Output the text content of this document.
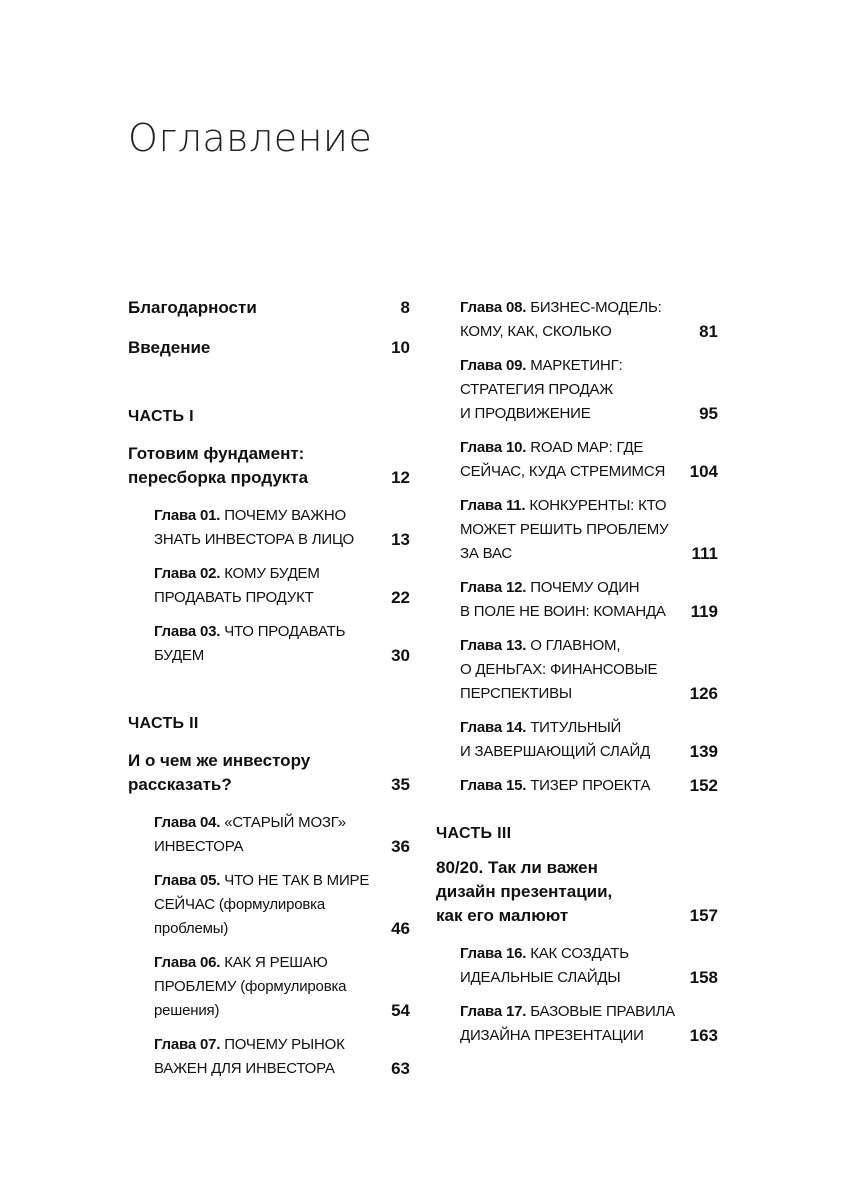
Оглавление
Благодарности	8
Введение	10
ЧАСТЬ I
Готовим фундамент:
пересборка продукта	12
Глава 01. ПОЧЕМУ ВАЖНО
ЗНАТЬ ИНВЕСТОРА В ЛИЦО	13
Глава 02. КОМУ БУДЕМ
ПРОДАВАТЬ ПРОДУКТ	22
Глава 03. ЧТО ПРОДАВАТЬ БУДЕМ	30
ЧАСТЬ II
И о чем же инвестору
рассказать?	35
Глава 04. «СТАРЫЙ МОЗГ»
ИНВЕСТОРА	36
Глава 05. ЧТО НЕ ТАК В МИРЕ
СЕЙЧАС (формулировка
проблемы)	46
Глава 06. КАК Я РЕШАЮ
ПРОБЛЕМУ (формулировка
решения)	54
Глава 07. ПОЧЕМУ РЫНОК
ВАЖЕН ДЛЯ ИНВЕСТОРА	63
Глава 08. БИЗНЕС-МОДЕЛЬ:
КОМУ, КАК, СКОЛЬКО	81
Глава 09. МАРКЕТИНГ:
СТРАТЕГИЯ ПРОДАЖ
И ПРОДВИЖЕНИЕ	95
Глава 10. ROAD MAP: ГДЕ
СЕЙЧАС, КУДА СТРЕМИМСЯ	104
Глава 11. КОНКУРЕНТЫ: КТО
МОЖЕТ РЕШИТЬ ПРОБЛЕМУ
ЗА ВАС	111
Глава 12. ПОЧЕМУ ОДИН
В ПОЛЕ НЕ ВОИН: КОМАНДА	119
Глава 13. О ГЛАВНОМ,
О ДЕНЬГАХ: ФИНАНСОВЫЕ
ПЕРСПЕКТИВЫ	126
Глава 14. ТИТУЛЬНЫЙ
И ЗАВЕРШАЮЩИЙ СЛАЙД	139
Глава 15. ТИЗЕР ПРОЕКТА	152
ЧАСТЬ III
80/20. Так ли важен
дизайн презентации,
как его малюют	157
Глава 16. КАК СОЗДАТЬ
ИДЕАЛЬНЫЕ СЛАЙДЫ	158
Глава 17. БАЗОВЫЕ ПРАВИЛА
ДИЗАЙНА ПРЕЗЕНТАЦИИ	163
